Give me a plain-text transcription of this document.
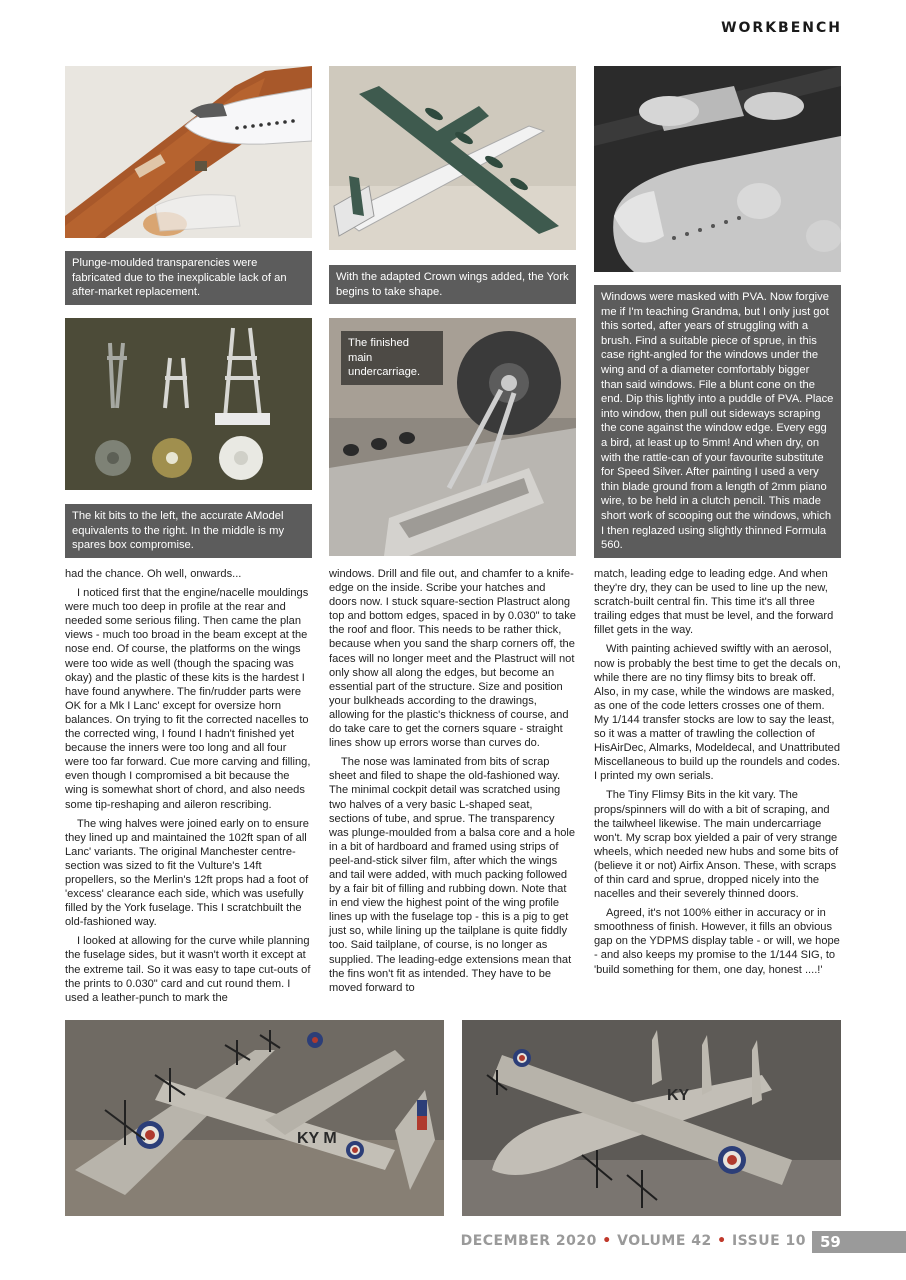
WORKBENCH
Plunge-moulded transparencies were fabricated due to the inexplicable lack of an after-market replacement.
With the adapted Crown wings added, the York begins to take shape.	Windows were masked with PVA. Now forgive me if I'm teaching Grandma, but I only just got this sorted, after years of struggling with a brush. Find a suitable piece of sprue, in this case right-angled for the windows under the wing and of a diameter comfortably bigger than said windows. File a blunt cone on the end. Dip this lightly into a puddle of PVA. Place into window, then pull out sideways scraping the cone against the window edge. Every egg a bird, at least up to 5mm! And when dry, on with the rattle-can of your favourite substitute for Speed Silver. After painting I used a very thin blade ground from a length of 2mm piano wire, to be held in a clutch pencil. This made short work of scooping out the windows, which I then reglazed using slightly thinned Formula 560.
The kit bits to the left, the accurate AModel equivalents to the right. In the middle is my spares box compromise.
The finished main undercarriage.

had the chance. Oh well, onwards...

I noticed first that the engine/nacelle mouldings were much too deep in profile at the rear and needed some serious filing. Then came the plan views - much too broad in the beam except at the nose end. Of course, the platforms on the wings were too wide as well (though the spacing was okay) and the plastic of these kits is the hardest I have found anywhere. The fin/rudder parts were OK for a Mk I Lanc' except for oversize horn balances. On trying to fit the corrected nacelles to the corrected wing, I found I hadn't finished yet because the inners were too long and all four were too far forward. Cue more carving and filling, even though I compromised a bit because the wing is somewhat short of chord, and also needs some tip-reshaping and aileron rescribing.

The wing halves were joined early on to ensure they lined up and maintained the 102ft span of all Lanc' variants. The original Manchester centre-section was sized to fit the Vulture's 14ft propellers, so the Merlin's 12ft props had a foot of 'excess' clearance each side, which was usefully filled by the York fuselage. This I scratchbuilt the old-fashioned way.

I looked at allowing for the curve while planning the fuselage sides, but it wasn't worth it except at the extreme tail. So it was easy to tape cut-outs of the prints to 0.030" card and cut round them. I used a leather-punch to mark the

windows. Drill and file out, and chamfer to a knife-edge on the inside. Scribe your hatches and doors now. I stuck square-section Plastruct along top and bottom edges, spaced in by 0.030" to take the roof and floor. This needs to be rather thick, because when you sand the sharp corners off, the faces will no longer meet and the Plastruct will not only show all along the edges, but become an essential part of the structure. Size and position your bulkheads according to the drawings, allowing for the plastic's thickness of course, and do take care to get the corners square - straight lines show up errors worse than curves do.

The nose was laminated from bits of scrap sheet and filed to shape the old-fashioned way. The minimal cockpit detail was scratched using two halves of a very basic L-shaped seat, sections of tube, and sprue. The transparency was plunge-moulded from a balsa core and a hole in a bit of hardboard and framed using strips of peel-and-stick silver film, after which the wings and tail were added, with much packing followed by a fair bit of filling and rubbing down. Note that in end view the highest point of the wing profile lines up with the fuselage top - this is a pig to get just so, while lining up the tailplane is quite fiddly too. Said tailplane, of course, is no longer as supplied. The leading-edge extensions mean that the fins won't fit as intended. They have to be moved forward to

match, leading edge to leading edge. And when they're dry, they can be used to line up the new, scratch-built central fin. This time it's all three trailing edges that must be level, and the forward fillet gets in the way.

With painting achieved swiftly with an aerosol, now is probably the best time to get the decals on, while there are no tiny flimsy bits to break off. Also, in my case, while the windows are masked, as one of the code letters crosses one of them. My 1/144 transfer stocks are low to say the least, so it was a matter of trawling the collection of HisAirDec, Almarks, Modeldecal, and Unattributed Miscellaneous to build up the roundels and codes. I printed my own serials.

The Tiny Flimsy Bits in the kit vary. The props/spinners will do with a bit of scraping, and the tailwheel likewise. The main undercarriage won't. My scrap box yielded a pair of very strange wheels, which needed new hubs and some bits of (believe it or not) Airfix Anson. These, with scraps of thin card and sprue, dropped nicely into the nacelles and their severely thinned doors.

Agreed, it's not 100% either in accuracy or in smoothness of finish. However, it fills an obvious gap on the YDPMS display table - or will, we hope - and also keeps my promise to the 1/144 SIG, to 'build something for them, one day, honest ....!'

KY M
KY
DECEMBER 2020 • VOLUME 42 • ISSUE 10 59
